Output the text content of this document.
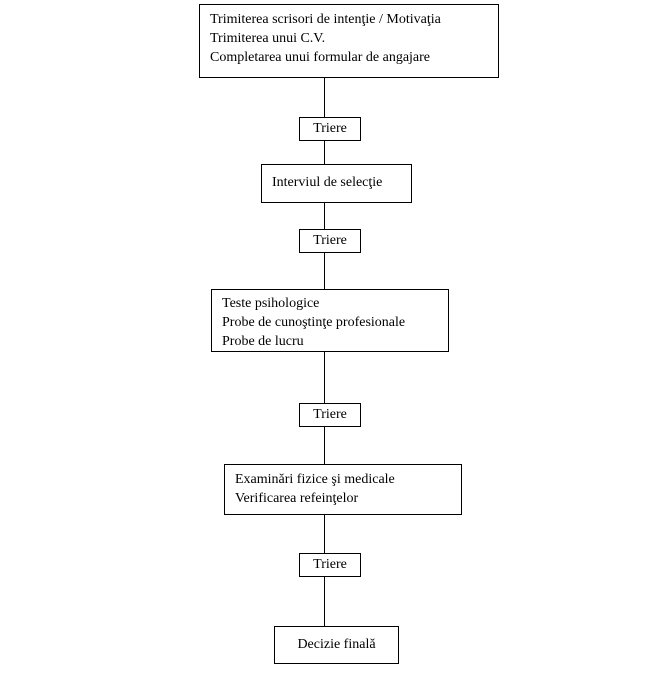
Trimiterea scrisori de intenţie / Motivaţia
Trimiterea unui C.V.
Completarea unui formular de angajare
Triere
Interviul de selecţie
Triere
Teste psihologice
Probe de cunoştinţe profesionale
Probe de lucru
Triere
Examinări fizice şi medicale
Verificarea refeinţelor
Triere
Decizie finală
